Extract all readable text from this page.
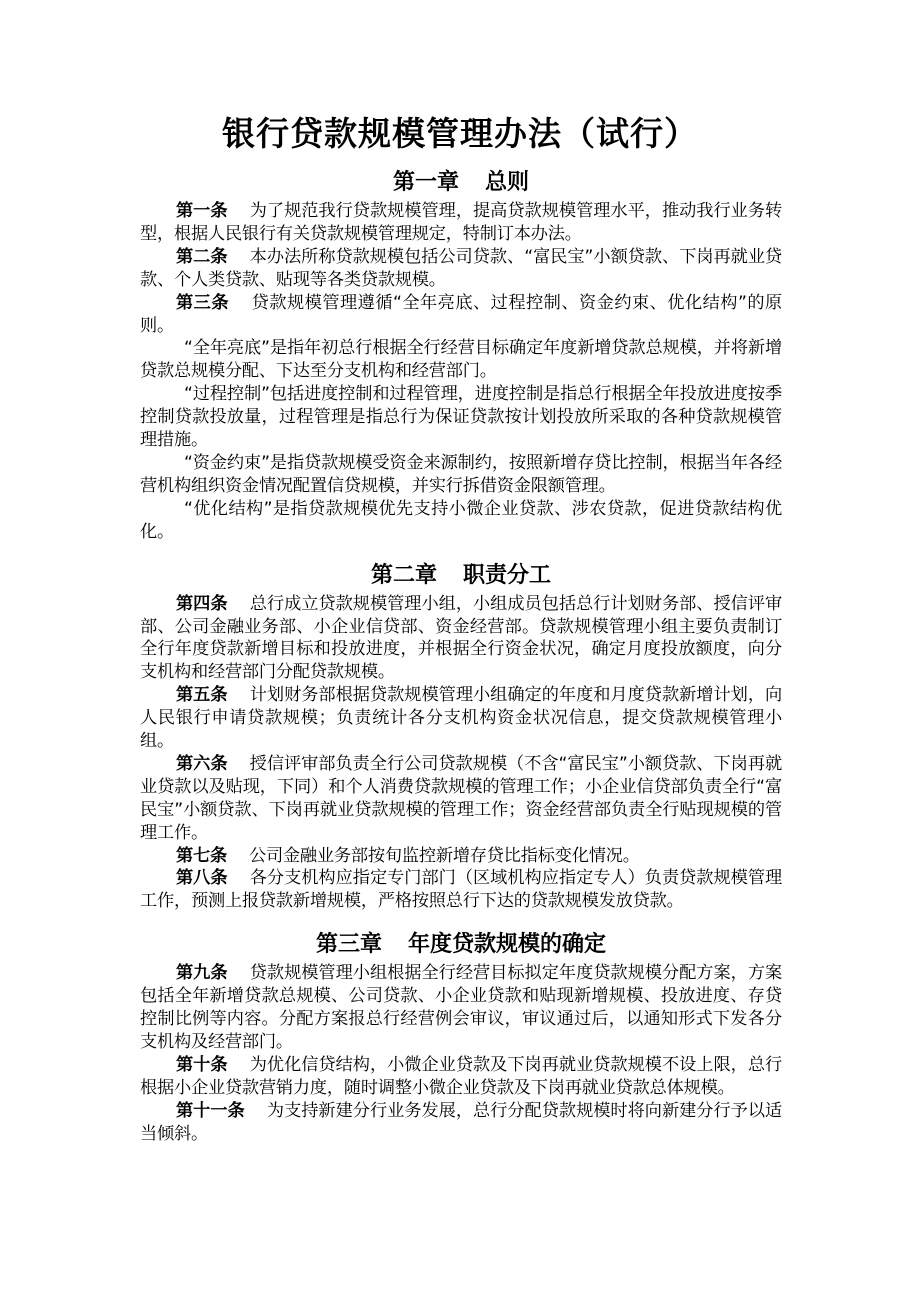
银行贷款规模管理办法（试行）
第一章 总则

第一条 为了规范我行贷款规模管理，提高贷款规模管理水平，推动我行业务转型，根据人民银行有关贷款规模管理规定，特制订本办法。

第二条 本办法所称贷款规模包括公司贷款、“富民宝”小额贷款、下岗再就业贷款、个人类贷款、贴现等各类贷款规模。

第三条 贷款规模管理遵循“全年亮底、过程控制、资金约束、优化结构”的原则。

“全年亮底”是指年初总行根据全行经营目标确定年度新增贷款总规模，并将新增贷款总规模分配、下达至分支机构和经营部门。

“过程控制”包括进度控制和过程管理，进度控制是指总行根据全年投放进度按季控制贷款投放量，过程管理是指总行为保证贷款按计划投放所采取的各种贷款规模管理措施。

“资金约束”是指贷款规模受资金来源制约，按照新增存贷比控制，根据当年各经营机构组织资金情况配置信贷规模，并实行拆借资金限额管理。

“优化结构”是指贷款规模优先支持小微企业贷款、涉农贷款，促进贷款结构优化。

第二章 职责分工

第四条 总行成立贷款规模管理小组，小组成员包括总行计划财务部、授信评审部、公司金融业务部、小企业信贷部、资金经营部。贷款规模管理小组主要负责制订全行年度贷款新增目标和投放进度，并根据全行资金状况，确定月度投放额度，向分支机构和经营部门分配贷款规模。

第五条 计划财务部根据贷款规模管理小组确定的年度和月度贷款新增计划，向人民银行申请贷款规模；负责统计各分支机构资金状况信息，提交贷款规模管理小组。

第六条 授信评审部负责全行公司贷款规模（不含“富民宝”小额贷款、下岗再就业贷款以及贴现，下同）和个人消费贷款规模的管理工作；小企业信贷部负责全行“富民宝”小额贷款、下岗再就业贷款规模的管理工作；资金经营部负责全行贴现规模的管理工作。

第七条 公司金融业务部按旬监控新增存贷比指标变化情况。

第八条 各分支机构应指定专门部门（区域机构应指定专人）负责贷款规模管理工作，预测上报贷款新增规模，严格按照总行下达的贷款规模发放贷款。

第三章 年度贷款规模的确定

第九条 贷款规模管理小组根据全行经营目标拟定年度贷款规模分配方案，方案包括全年新增贷款总规模、公司贷款、小企业贷款和贴现新增规模、投放进度、存贷控制比例等内容。分配方案报总行经营例会审议，审议通过后，以通知形式下发各分支机构及经营部门。

第十条 为优化信贷结构，小微企业贷款及下岗再就业贷款规模不设上限，总行根据小企业贷款营销力度，随时调整小微企业贷款及下岗再就业贷款总体规模。

第十一条 为支持新建分行业务发展，总行分配贷款规模时将向新建分行予以适当倾斜。
